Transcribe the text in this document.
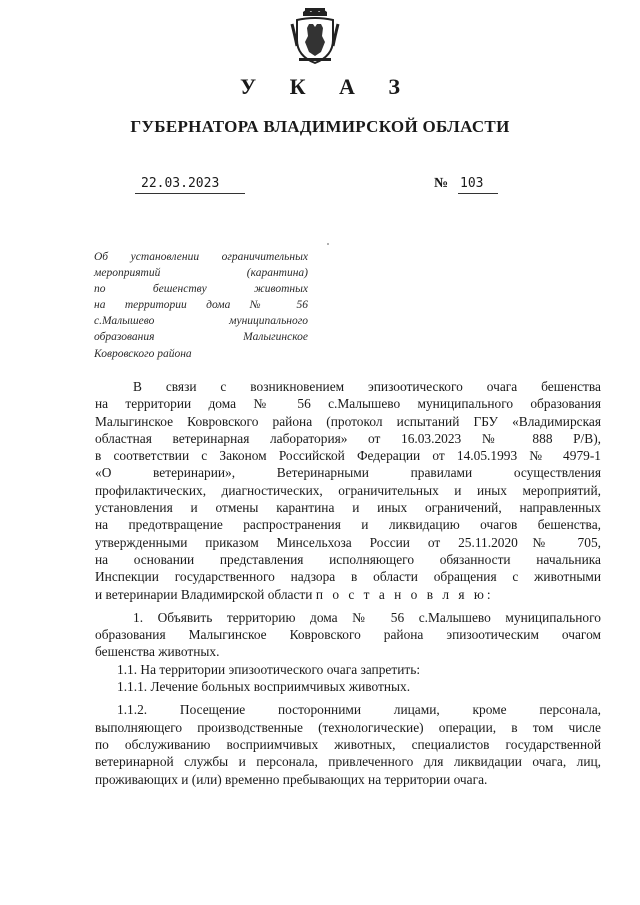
У К А З
ГУБЕРНАТОРА ВЛАДИМИРСКОЙ ОБЛАСТИ
22.03.2023	№ 103
Об установлении ограничительных
мероприятий (карантина)
по бешенству животных
на территории дома № 56
с.Малышево муниципального
образования Малыгинское
Ковровского района
В связи с возникновением эпизоотического очага бешенства
на территории дома № 56 с.Малышево муниципального образования
Малыгинское Ковровского района (протокол испытаний ГБУ «Владимирская
областная ветеринарная лаборатория» от 16.03.2023 № 888 Р/В),
в соответствии с Законом Российской Федерации от 14.05.1993 № 4979-1
«О ветеринарии», Ветеринарными правилами осуществления
профилактических, диагностических, ограничительных и иных мероприятий,
установления и отмены карантина и иных ограничений, направленных
на предотвращение распространения и ликвидацию очагов бешенства,
утвержденными приказом Минсельхоза России от 25.11.2020№ 705,
на основании представления исполняющего обязанности начальника
Инспекции государственного надзора в области обращения с животными
и ветеринарии Владимирской области п о с т а н о в л я ю:
1. Объявить территорию дома № 56 с.Малышево муниципального
образования Малыгинское Ковровского района эпизоотическим очагом
бешенства животных.
1.1. На территории эпизоотического очага запретить:
1.1.1. Лечение больных восприимчивых животных.
1.1.2. Посещение посторонними лицами, кроме персонала,
выполняющего производственные (технологические) операции, в том числе
по обслуживанию восприимчивых животных, специалистов государственной
ветеринарной службы и персонала, привлеченного для ликвидации очага, лиц,
проживающих и (или) временно пребывающих на территории очага.
